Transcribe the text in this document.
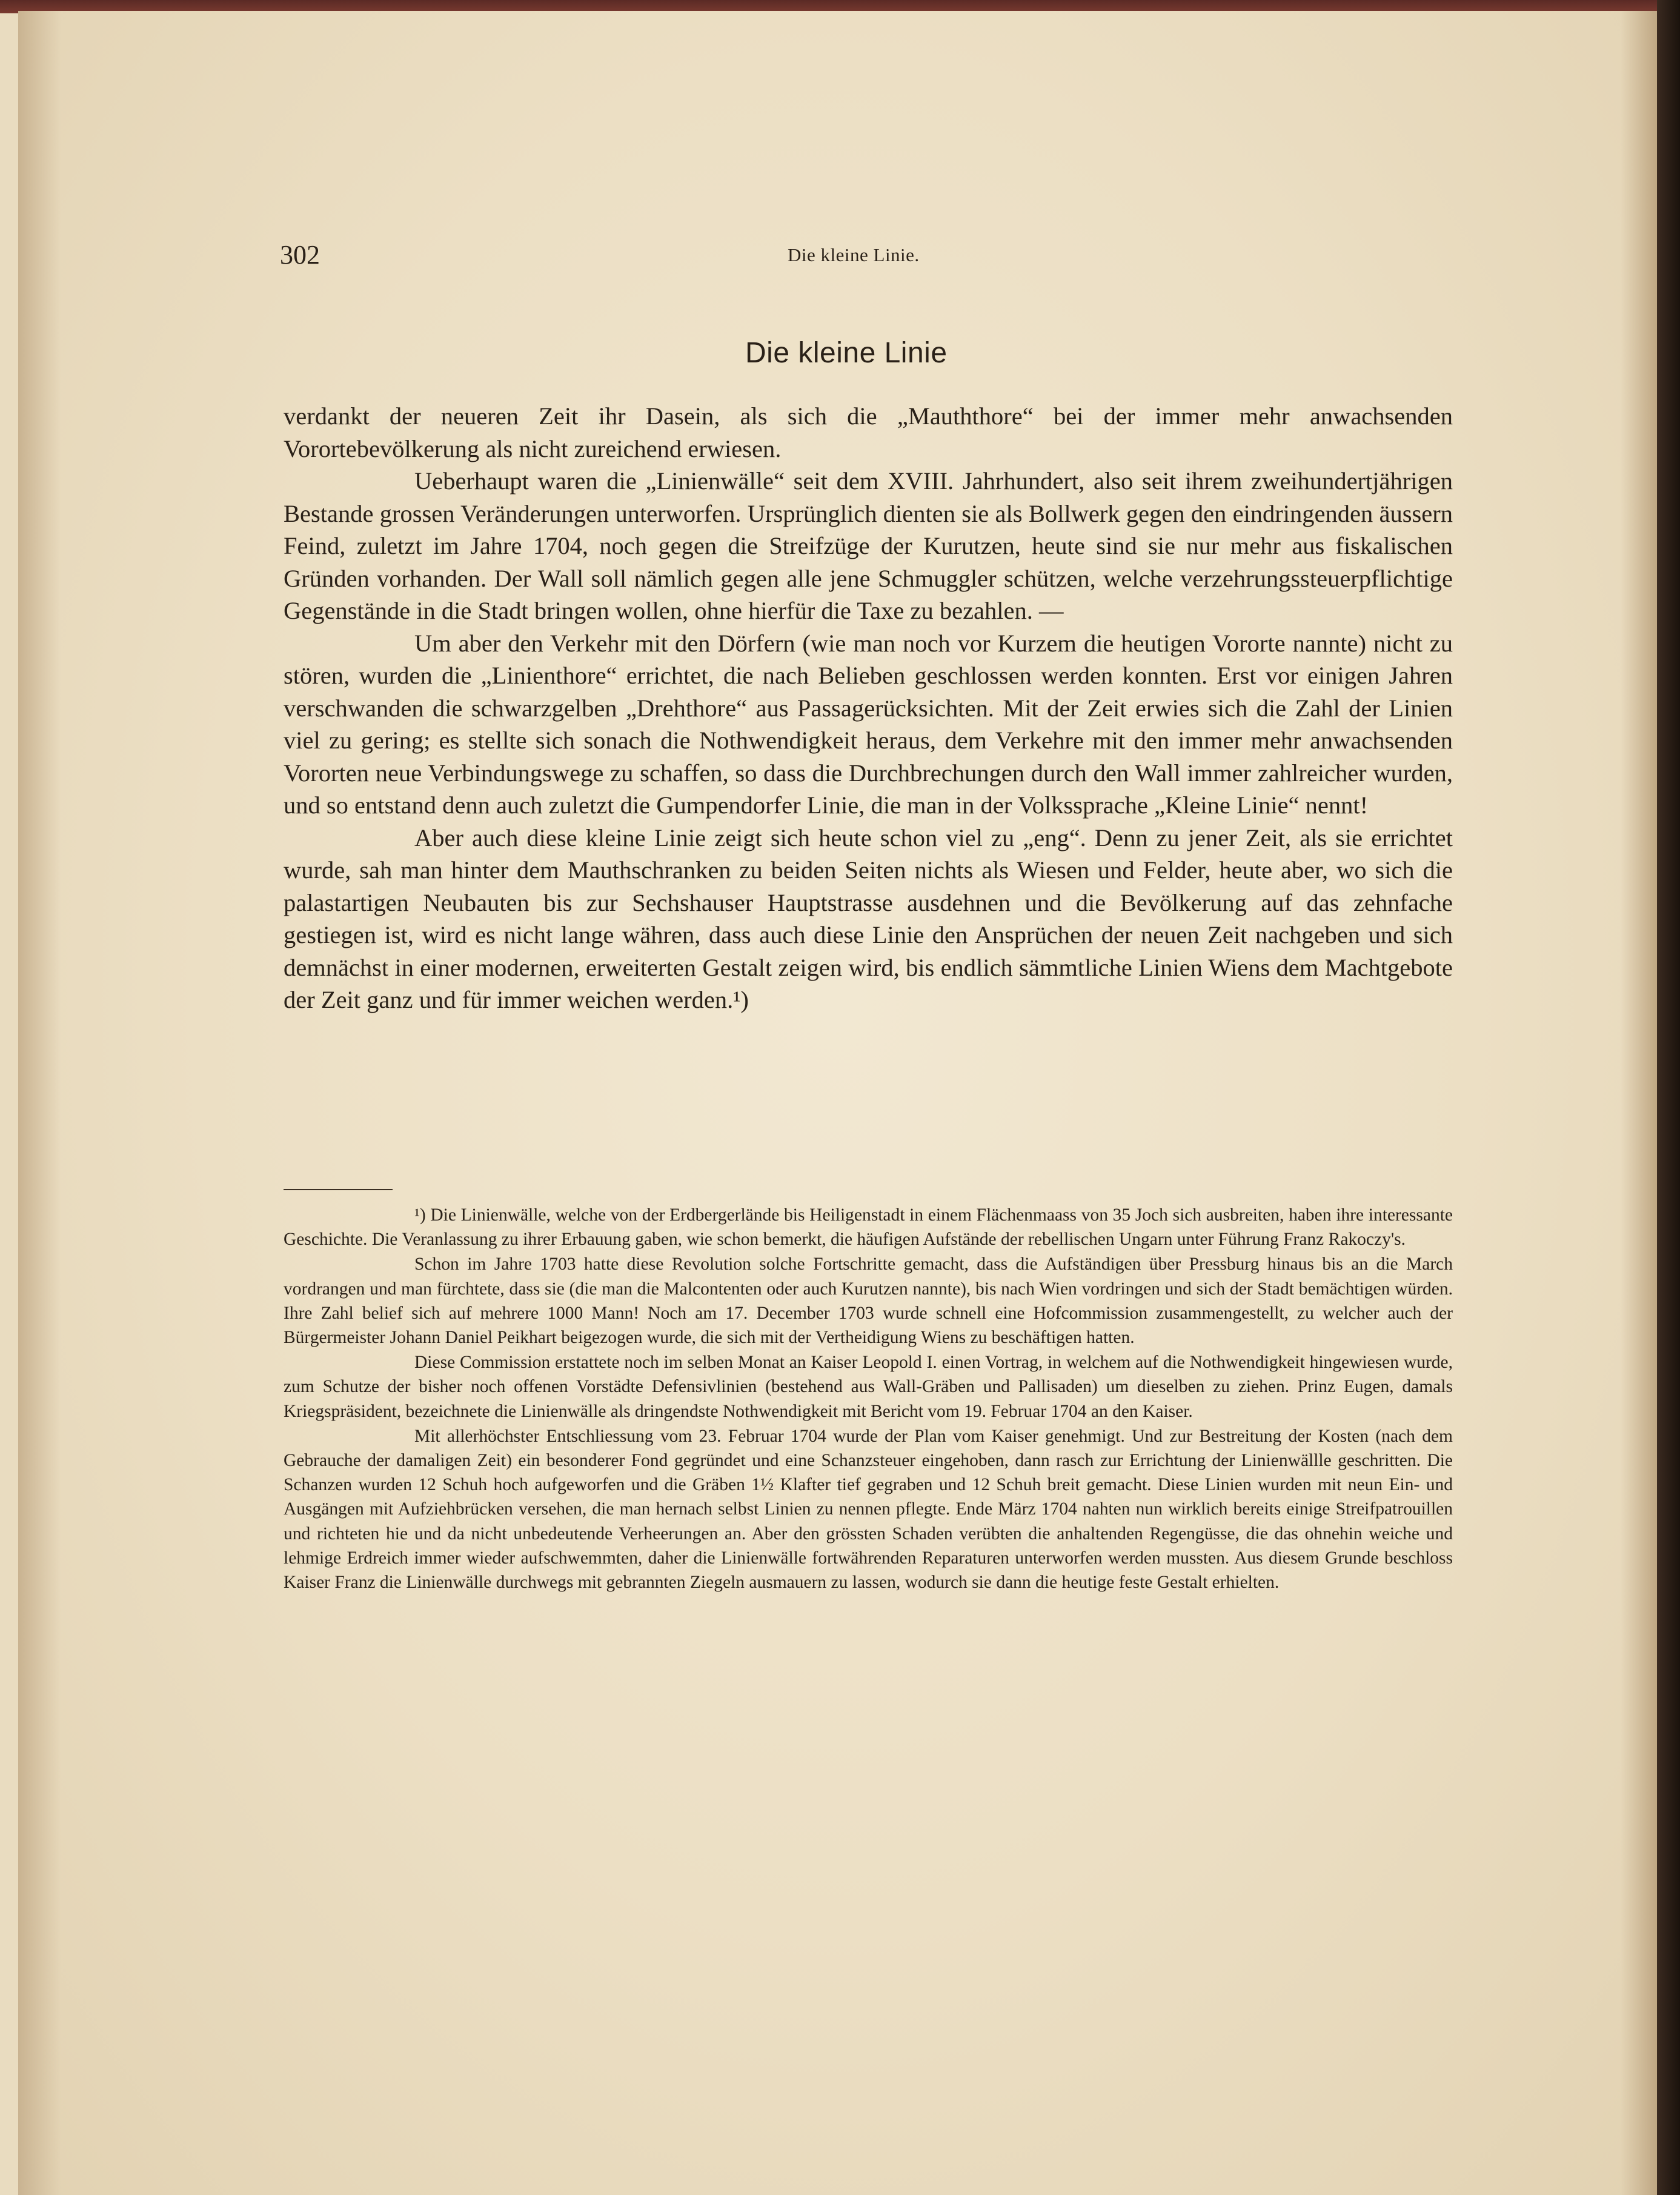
302	Die kleine Linie.
Die kleine Linie

verdankt der neueren Zeit ihr Dasein, als sich die „Mauththore“ bei der immer mehr anwachsenden Vorortebevölkerung als nicht zureichend erwiesen.

Ueberhaupt waren die „Linienwälle“ seit dem XVIII. Jahrhundert, also seit ihrem zweihundertjährigen Bestande grossen Veränderungen unterworfen. Ursprünglich dienten sie als Bollwerk gegen den eindringenden äussern Feind, zuletzt im Jahre 1704, noch gegen die Streifzüge der Kurutzen, heute sind sie nur mehr aus fiskalischen Gründen vorhanden. Der Wall soll nämlich gegen alle jene Schmuggler schützen, welche verzehrungssteuerpflichtige Gegenstände in die Stadt bringen wollen, ohne hierfür die Taxe zu bezahlen. —

Um aber den Verkehr mit den Dörfern (wie man noch vor Kurzem die heutigen Vororte nannte) nicht zu stören, wurden die „Linienthore“ errichtet, die nach Belieben geschlossen werden konnten. Erst vor einigen Jahren verschwanden die schwarzgelben „Drehthore“ aus Passagerücksichten. Mit der Zeit erwies sich die Zahl der Linien viel zu gering; es stellte sich sonach die Nothwendigkeit heraus, dem Verkehre mit den immer mehr anwachsenden Vororten neue Verbindungswege zu schaffen, so dass die Durchbrechungen durch den Wall immer zahlreicher wurden, und so entstand denn auch zuletzt die Gumpendorfer Linie, die man in der Volkssprache „Kleine Linie“ nennt!

Aber auch diese kleine Linie zeigt sich heute schon viel zu „eng“. Denn zu jener Zeit, als sie errichtet wurde, sah man hinter dem Mauthschranken zu beiden Seiten nichts als Wiesen und Felder, heute aber, wo sich die palastartigen Neubauten bis zur Sechshauser Hauptstrasse ausdehnen und die Bevölkerung auf das zehnfache gestiegen ist, wird es nicht lange währen, dass auch diese Linie den Ansprüchen der neuen Zeit nachgeben und sich demnächst in einer modernen, erweiterten Gestalt zeigen wird, bis endlich sämmtliche Linien Wiens dem Machtgebote der Zeit ganz und für immer weichen werden.¹)

¹) Die Linienwälle, welche von der Erdbergerlände bis Heiligenstadt in einem Flächenmaass von 35 Joch sich ausbreiten, haben ihre interessante Geschichte. Die Veranlassung zu ihrer Erbauung gaben, wie schon bemerkt, die häufigen Aufstände der rebellischen Ungarn unter Führung Franz Rakoczy's.

Schon im Jahre 1703 hatte diese Revolution solche Fortschritte gemacht, dass die Aufständigen über Pressburg hinaus bis an die March vordrangen und man fürchtete, dass sie (die man die Malcontenten oder auch Kurutzen nannte), bis nach Wien vordringen und sich der Stadt bemächtigen würden. Ihre Zahl belief sich auf mehrere 1000 Mann! Noch am 17. December 1703 wurde schnell eine Hofcommission zusammengestellt, zu welcher auch der Bürgermeister Johann Daniel Peikhart beigezogen wurde, die sich mit der Vertheidigung Wiens zu beschäftigen hatten.

Diese Commission erstattete noch im selben Monat an Kaiser Leopold I. einen Vortrag, in welchem auf die Nothwendigkeit hingewiesen wurde, zum Schutze der bisher noch offenen Vorstädte Defensivlinien (bestehend aus Wall-Gräben und Pallisaden) um dieselben zu ziehen. Prinz Eugen, damals Kriegspräsident, bezeichnete die Linienwälle als dringendste Nothwendigkeit mit Bericht vom 19. Februar 1704 an den Kaiser.

Mit allerhöchster Entschliessung vom 23. Februar 1704 wurde der Plan vom Kaiser genehmigt. Und zur Bestreitung der Kosten (nach dem Gebrauche der damaligen Zeit) ein besonderer Fond gegründet und eine Schanzsteuer eingehoben, dann rasch zur Errichtung der Linienwällle geschritten. Die Schanzen wurden 12 Schuh hoch aufgeworfen und die Gräben 1½ Klafter tief gegraben und 12 Schuh breit gemacht. Diese Linien wurden mit neun Ein- und Ausgängen mit Aufziehbrücken versehen, die man hernach selbst Linien zu nennen pflegte. Ende März 1704 nahten nun wirklich bereits einige Streifpatrouillen und richteten hie und da nicht unbedeutende Verheerungen an. Aber den grössten Schaden verübten die anhaltenden Regengüsse, die das ohnehin weiche und lehmige Erdreich immer wieder aufschwemmten, daher die Linienwälle fortwährenden Reparaturen unterworfen werden mussten. Aus diesem Grunde beschloss Kaiser Franz die Linienwälle durchwegs mit gebrannten Ziegeln ausmauern zu lassen, wodurch sie dann die heutige feste Gestalt erhielten.
